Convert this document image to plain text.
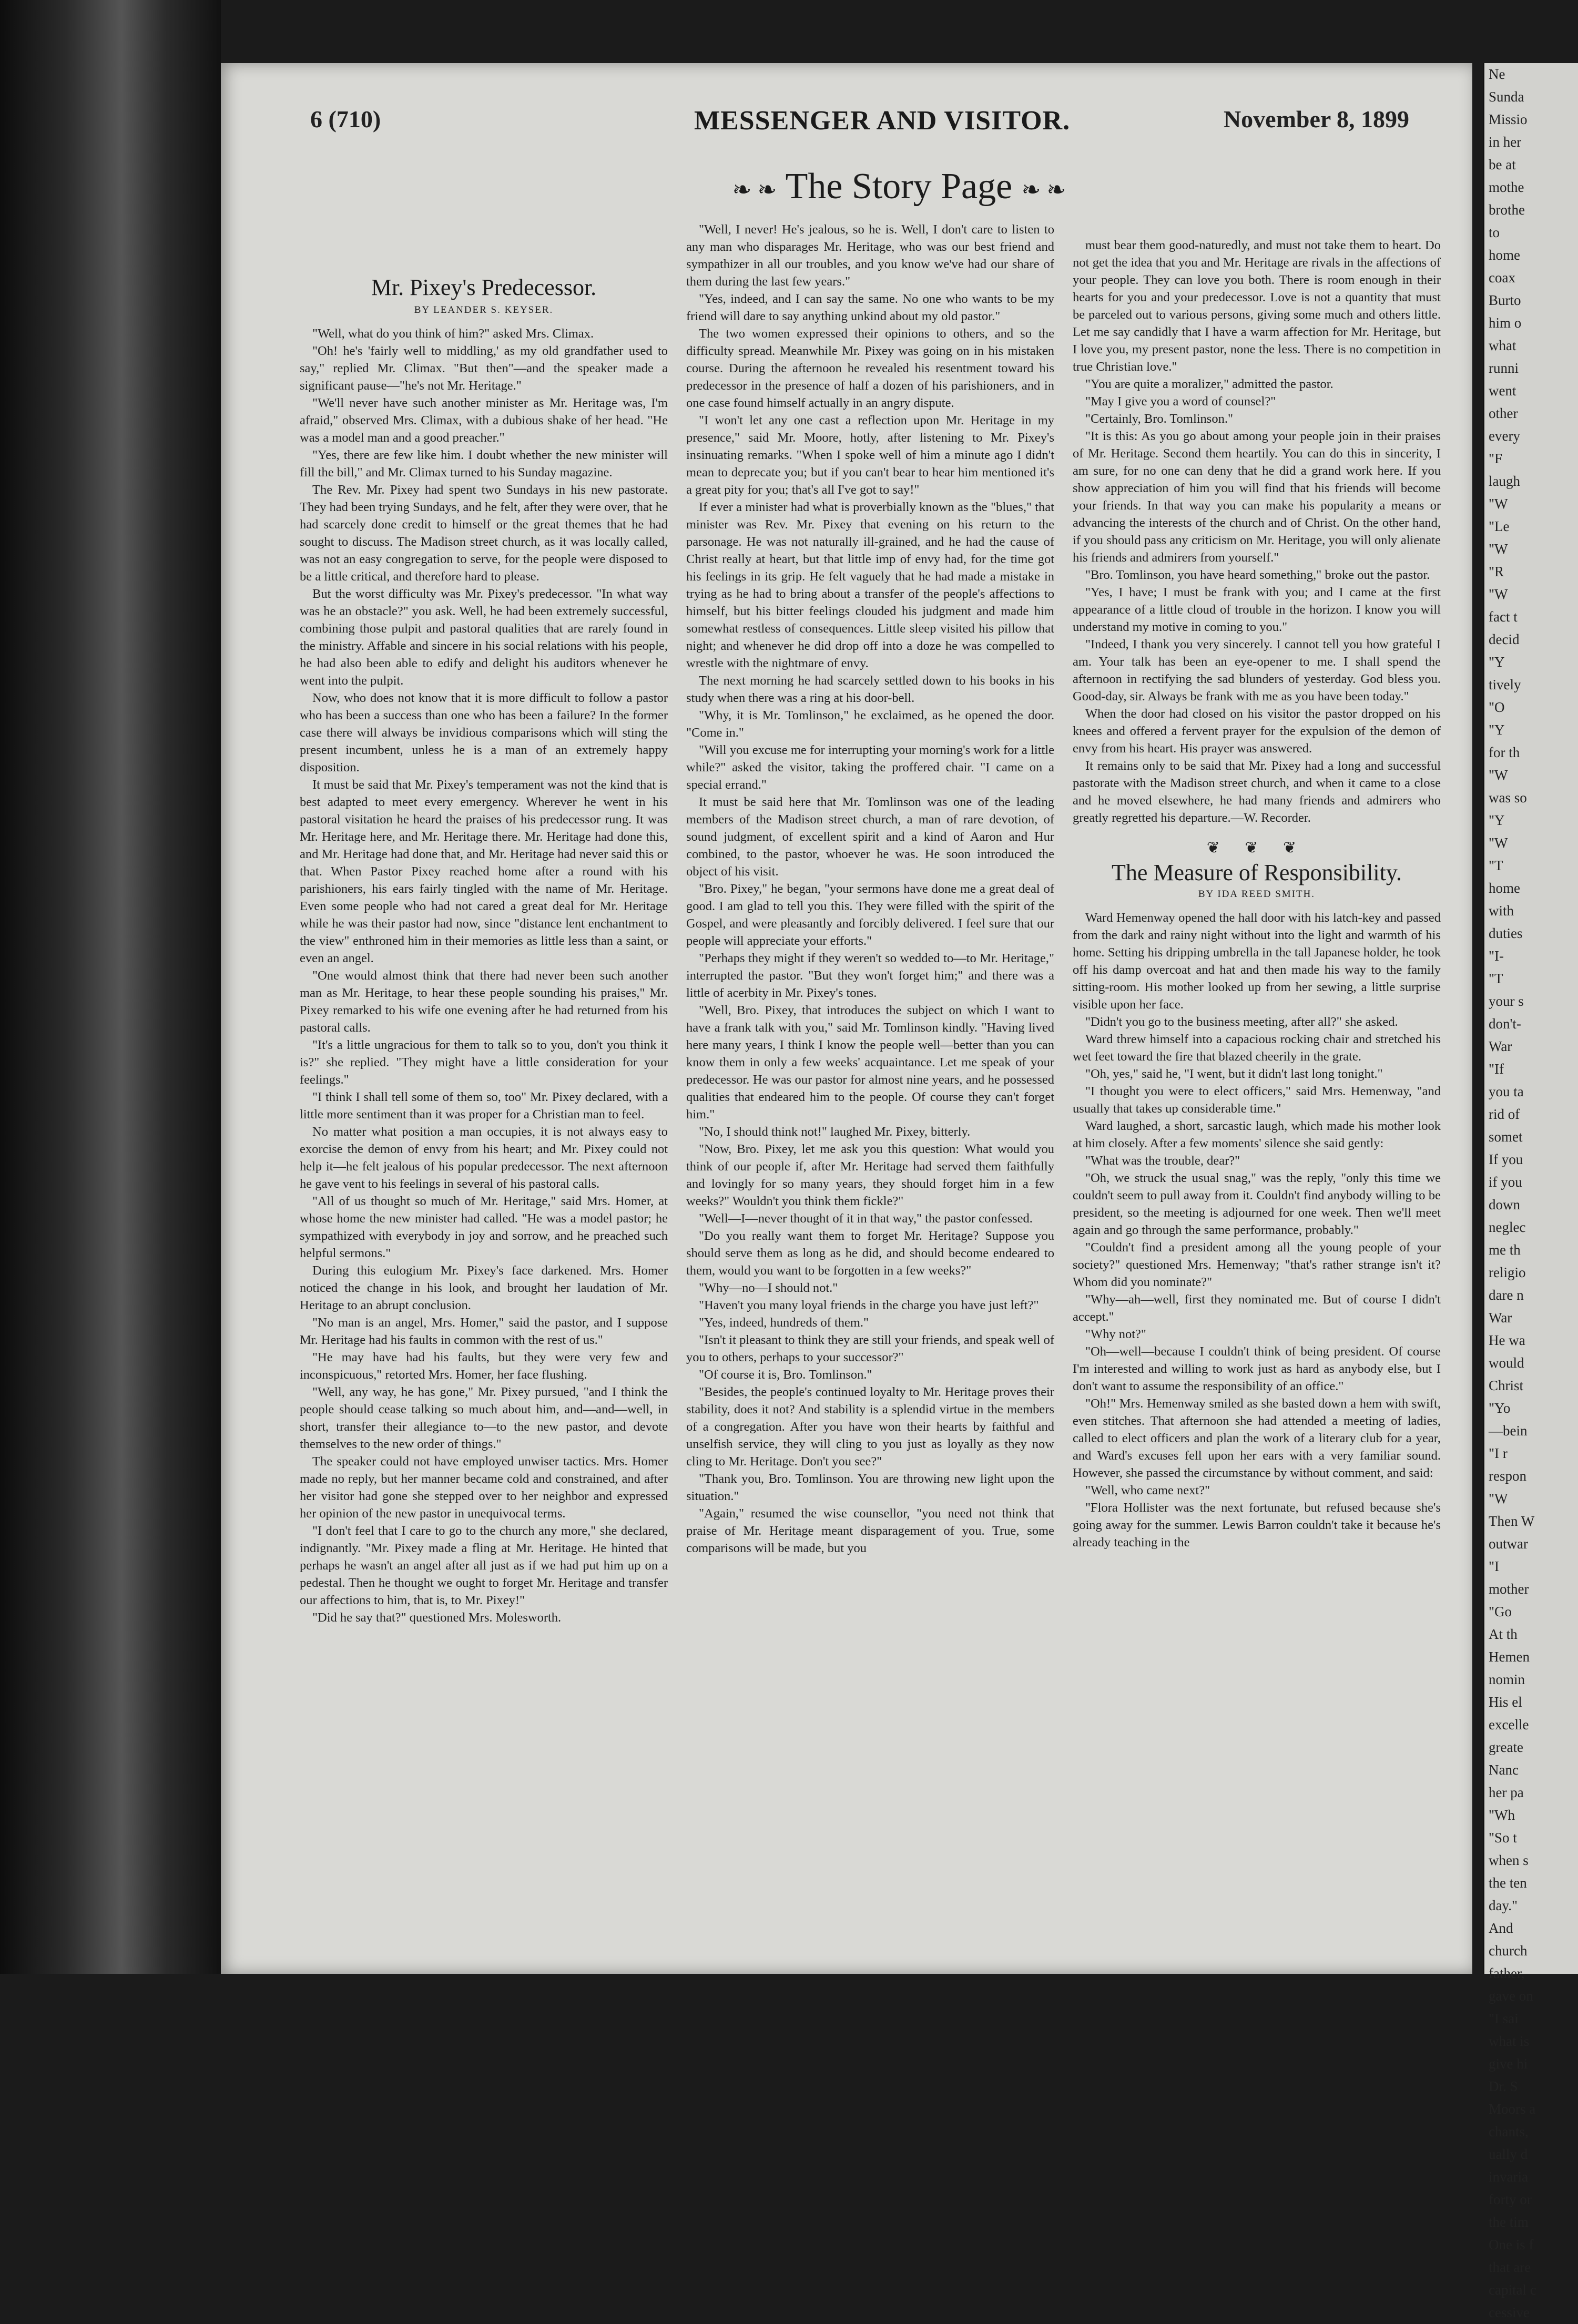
6 (710)	MESSENGER AND VISITOR.	November 8, 1899
❧ ❧ The Story Page ❧ ❧
Mr. Pixey's Predecessor.
BY LEANDER S. KEYSER.

"Well, what do you think of him?" asked Mrs. Climax.

"Oh! he's 'fairly well to middling,' as my old grandfather used to say," replied Mr. Climax. "But then"—and the speaker made a significant pause—"he's not Mr. Heritage."

"We'll never have such another minister as Mr. Heritage was, I'm afraid," observed Mrs. Climax, with a dubious shake of her head. "He was a model man and a good preacher."

"Yes, there are few like him. I doubt whether the new minister will fill the bill," and Mr. Climax turned to his Sunday magazine.

The Rev. Mr. Pixey had spent two Sundays in his new pastorate. They had been trying Sundays, and he felt, after they were over, that he had scarcely done credit to himself or the great themes that he had sought to discuss. The Madison street church, as it was locally called, was not an easy congregation to serve, for the people were disposed to be a little critical, and therefore hard to please.

But the worst difficulty was Mr. Pixey's predecessor. "In what way was he an obstacle?" you ask. Well, he had been extremely successful, combining those pulpit and pastoral qualities that are rarely found in the ministry. Affable and sincere in his social relations with his people, he had also been able to edify and delight his auditors whenever he went into the pulpit.

Now, who does not know that it is more difficult to follow a pastor who has been a success than one who has been a failure? In the former case there will always be invidious comparisons which will sting the present incumbent, unless he is a man of an extremely happy disposition.

It must be said that Mr. Pixey's temperament was not the kind that is best adapted to meet every emergency. Wherever he went in his pastoral visitation he heard the praises of his predecessor rung. It was Mr. Heritage here, and Mr. Heritage there. Mr. Heritage had done this, and Mr. Heritage had done that, and Mr. Heritage had never said this or that. When Pastor Pixey reached home after a round with his parishioners, his ears fairly tingled with the name of Mr. Heritage. Even some people who had not cared a great deal for Mr. Heritage while he was their pastor had now, since "distance lent enchantment to the view" enthroned him in their memories as little less than a saint, or even an angel.

"One would almost think that there had never been such another man as Mr. Heritage, to hear these people sounding his praises," Mr. Pixey remarked to his wife one evening after he had returned from his pastoral calls.

"It's a little ungracious for them to talk so to you, don't you think it is?" she replied. "They might have a little consideration for your feelings."

"I think I shall tell some of them so, too" Mr. Pixey declared, with a little more sentiment than it was proper for a Christian man to feel.

No matter what position a man occupies, it is not always easy to exorcise the demon of envy from his heart; and Mr. Pixey could not help it—he felt jealous of his popular predecessor. The next afternoon he gave vent to his feelings in several of his pastoral calls.

"All of us thought so much of Mr. Heritage," said Mrs. Homer, at whose home the new minister had called. "He was a model pastor; he sympathized with everybody in joy and sorrow, and he preached such helpful sermons."

During this eulogium Mr. Pixey's face darkened. Mrs. Homer noticed the change in his look, and brought her laudation of Mr. Heritage to an abrupt conclusion.

"No man is an angel, Mrs. Homer," said the pastor, and I suppose Mr. Heritage had his faults in common with the rest of us."

"He may have had his faults, but they were very few and inconspicuous," retorted Mrs. Homer, her face flushing.

"Well, any way, he has gone," Mr. Pixey pursued, "and I think the people should cease talking so much about him, and—and—well, in short, transfer their allegiance to—to the new pastor, and devote themselves to the new order of things."

The speaker could not have employed unwiser tactics. Mrs. Homer made no reply, but her manner became cold and constrained, and after her visitor had gone she stepped over to her neighbor and expressed her opinion of the new pastor in unequivocal terms.

"I don't feel that I care to go to the church any more," she declared, indignantly. "Mr. Pixey made a fling at Mr. Heritage. He hinted that perhaps he wasn't an angel after all just as if we had put him up on a pedestal. Then he thought we ought to forget Mr. Heritage and transfer our affections to him, that is, to Mr. Pixey!"

"Did he say that?" questioned Mrs. Molesworth.

"Well, I never! He's jealous, so he is. Well, I don't care to listen to any man who disparages Mr. Heritage, who was our best friend and sympathizer in all our troubles, and you know we've had our share of them during the last few years."

"Yes, indeed, and I can say the same. No one who wants to be my friend will dare to say anything unkind about my old pastor."

The two women expressed their opinions to others, and so the difficulty spread. Meanwhile Mr. Pixey was going on in his mistaken course. During the afternoon he revealed his resentment toward his predecessor in the presence of half a dozen of his parishioners, and in one case found himself actually in an angry dispute.

"I won't let any one cast a reflection upon Mr. Heritage in my presence," said Mr. Moore, hotly, after listening to Mr. Pixey's insinuating remarks. "When I spoke well of him a minute ago I didn't mean to deprecate you; but if you can't bear to hear him mentioned it's a great pity for you; that's all I've got to say!"

If ever a minister had what is proverbially known as the "blues," that minister was Rev. Mr. Pixey that evening on his return to the parsonage. He was not naturally ill-grained, and he had the cause of Christ really at heart, but that little imp of envy had, for the time got his feelings in its grip. He felt vaguely that he had made a mistake in trying as he had to bring about a transfer of the people's affections to himself, but his bitter feelings clouded his judgment and made him somewhat restless of consequences. Little sleep visited his pillow that night; and whenever he did drop off into a doze he was compelled to wrestle with the nightmare of envy.

The next morning he had scarcely settled down to his books in his study when there was a ring at his door-bell.

"Why, it is Mr. Tomlinson," he exclaimed, as he opened the door. "Come in."

"Will you excuse me for interrupting your morning's work for a little while?" asked the visitor, taking the proffered chair. "I came on a special errand."

It must be said here that Mr. Tomlinson was one of the leading members of the Madison street church, a man of rare devotion, of sound judgment, of excellent spirit and a kind of Aaron and Hur combined, to the pastor, whoever he was. He soon introduced the object of his visit.

"Bro. Pixey," he began, "your sermons have done me a great deal of good. I am glad to tell you this. They were filled with the spirit of the Gospel, and were pleasantly and forcibly delivered. I feel sure that our people will appreciate your efforts."

"Perhaps they might if they weren't so wedded to—to Mr. Heritage," interrupted the pastor. "But they won't forget him;" and there was a little of acerbity in Mr. Pixey's tones.

"Well, Bro. Pixey, that introduces the subject on which I want to have a frank talk with you," said Mr. Tomlinson kindly. "Having lived here many years, I think I know the people well—better than you can know them in only a few weeks' acquaintance. Let me speak of your predecessor. He was our pastor for almost nine years, and he possessed qualities that endeared him to the people. Of course they can't forget him."

"No, I should think not!" laughed Mr. Pixey, bitterly.

"Now, Bro. Pixey, let me ask you this question: What would you think of our people if, after Mr. Heritage had served them faithfully and lovingly for so many years, they should forget him in a few weeks?" Wouldn't you think them fickle?"

"Well—I—never thought of it in that way," the pastor confessed.

"Do you really want them to forget Mr. Heritage? Suppose you should serve them as long as he did, and should become endeared to them, would you want to be forgotten in a few weeks?"

"Why—no—I should not."

"Haven't you many loyal friends in the charge you have just left?"

"Yes, indeed, hundreds of them."

"Isn't it pleasant to think they are still your friends, and speak well of you to others, perhaps to your successor?"

"Of course it is, Bro. Tomlinson."

"Besides, the people's continued loyalty to Mr. Heritage proves their stability, does it not? And stability is a splendid virtue in the members of a congregation. After you have won their hearts by faithful and unselfish service, they will cling to you just as loyally as they now cling to Mr. Heritage. Don't you see?"

"Thank you, Bro. Tomlinson. You are throwing new light upon the situation."

"Again," resumed the wise counsellor, "you need not think that praise of Mr. Heritage meant disparagement of you. True, some comparisons will be made, but you

must bear them good-naturedly, and must not take them to heart. Do not get the idea that you and Mr. Heritage are rivals in the affections of your people. They can love you both. There is room enough in their hearts for you and your predecessor. Love is not a quantity that must be parceled out to various persons, giving some much and others little. Let me say candidly that I have a warm affection for Mr. Heritage, but I love you, my present pastor, none the less. There is no competition in true Christian love."

"You are quite a moralizer," admitted the pastor.

"May I give you a word of counsel?"

"Certainly, Bro. Tomlinson."

"It is this: As you go about among your people join in their praises of Mr. Heritage. Second them heartily. You can do this in sincerity, I am sure, for no one can deny that he did a grand work here. If you show appreciation of him you will find that his friends will become your friends. In that way you can make his popularity a means or advancing the interests of the church and of Christ. On the other hand, if you should pass any criticism on Mr. Heritage, you will only alienate his friends and admirers from yourself."

"Bro. Tomlinson, you have heard something," broke out the pastor.

"Yes, I have; I must be frank with you; and I came at the first appearance of a little cloud of trouble in the horizon. I know you will understand my motive in coming to you."

"Indeed, I thank you very sincerely. I cannot tell you how grateful I am. Your talk has been an eye-opener to me. I shall spend the afternoon in rectifying the sad blunders of yesterday. God bless you. Good-day, sir. Always be frank with me as you have been today."

When the door had closed on his visitor the pastor dropped on his knees and offered a fervent prayer for the expulsion of the demon of envy from his heart. His prayer was answered.

It remains only to be said that Mr. Pixey had a long and successful pastorate with the Madison street church, and when it came to a close and he moved elsewhere, he had many friends and admirers who greatly regretted his departure.—W. Recorder.

❦ ❦ ❦
The Measure of Responsibility.
BY IDA REED SMITH.

Ward Hemenway opened the hall door with his latch-key and passed from the dark and rainy night without into the light and warmth of his home. Setting his dripping umbrella in the tall Japanese holder, he took off his damp overcoat and hat and then made his way to the family sitting-room. His mother looked up from her sewing, a little surprise visible upon her face.

"Didn't you go to the business meeting, after all?" she asked.

Ward threw himself into a capacious rocking chair and stretched his wet feet toward the fire that blazed cheerily in the grate.

"Oh, yes," said he, "I went, but it didn't last long tonight."

"I thought you were to elect officers," said Mrs. Hemenway, "and usually that takes up considerable time."

Ward laughed, a short, sarcastic laugh, which made his mother look at him closely. After a few moments' silence she said gently:

"What was the trouble, dear?"

"Oh, we struck the usual snag," was the reply, "only this time we couldn't seem to pull away from it. Couldn't find anybody willing to be president, so the meeting is adjourned for one week. Then we'll meet again and go through the same performance, probably."

"Couldn't find a president among all the young people of your society?" questioned Mrs. Hemenway; "that's rather strange isn't it? Whom did you nominate?"

"Why—ah—well, first they nominated me. But of course I didn't accept."

"Why not?"

"Oh—well—because I couldn't think of being president. Of course I'm interested and willing to work just as hard as anybody else, but I don't want to assume the responsibility of an office."

"Oh!" Mrs. Hemenway smiled as she basted down a hem with swift, even stitches. That afternoon she had attended a meeting of ladies, called to elect officers and plan the work of a literary club for a year, and Ward's excuses fell upon her ears with a very familiar sound. However, she passed the circumstance by without comment, and said:

"Well, who came next?"

"Flora Hollister was the next fortunate, but refused because she's going away for the summer. Lewis Barron couldn't take it because he's already teaching in the

Ne
Sunda
Missio
in her
be at
mothe
brothe
to
home
coax
Burto
him o
what
runni
went
other
every
"F
laugh
"W
"Le
"W
"R
"W
fact t
decid
"Y
tively
"O
"Y
for th
"W
was so
"Y
"W
"T
home
with
duties
"I-
"T
your s
don't-
War
"If
you ta
rid of
somet
If you
if you
down
neglec
me th
religio
dare n
War
He wa
would
Christ
"Yo
—bein
"I r
respon
"W
Then W
outwar
"I
mother
"Go
At th
Hemen
nomin
His el
excelle
greate
Nanc
her pa
"Wh
"So t
when s
the ten
day."
And
church
father,
gave on
"I sai
what is
give hi
Dr. S
Moors a
chants,
ually d
invaria
forty or
the tim
One is f
that are
capital c
cessive
